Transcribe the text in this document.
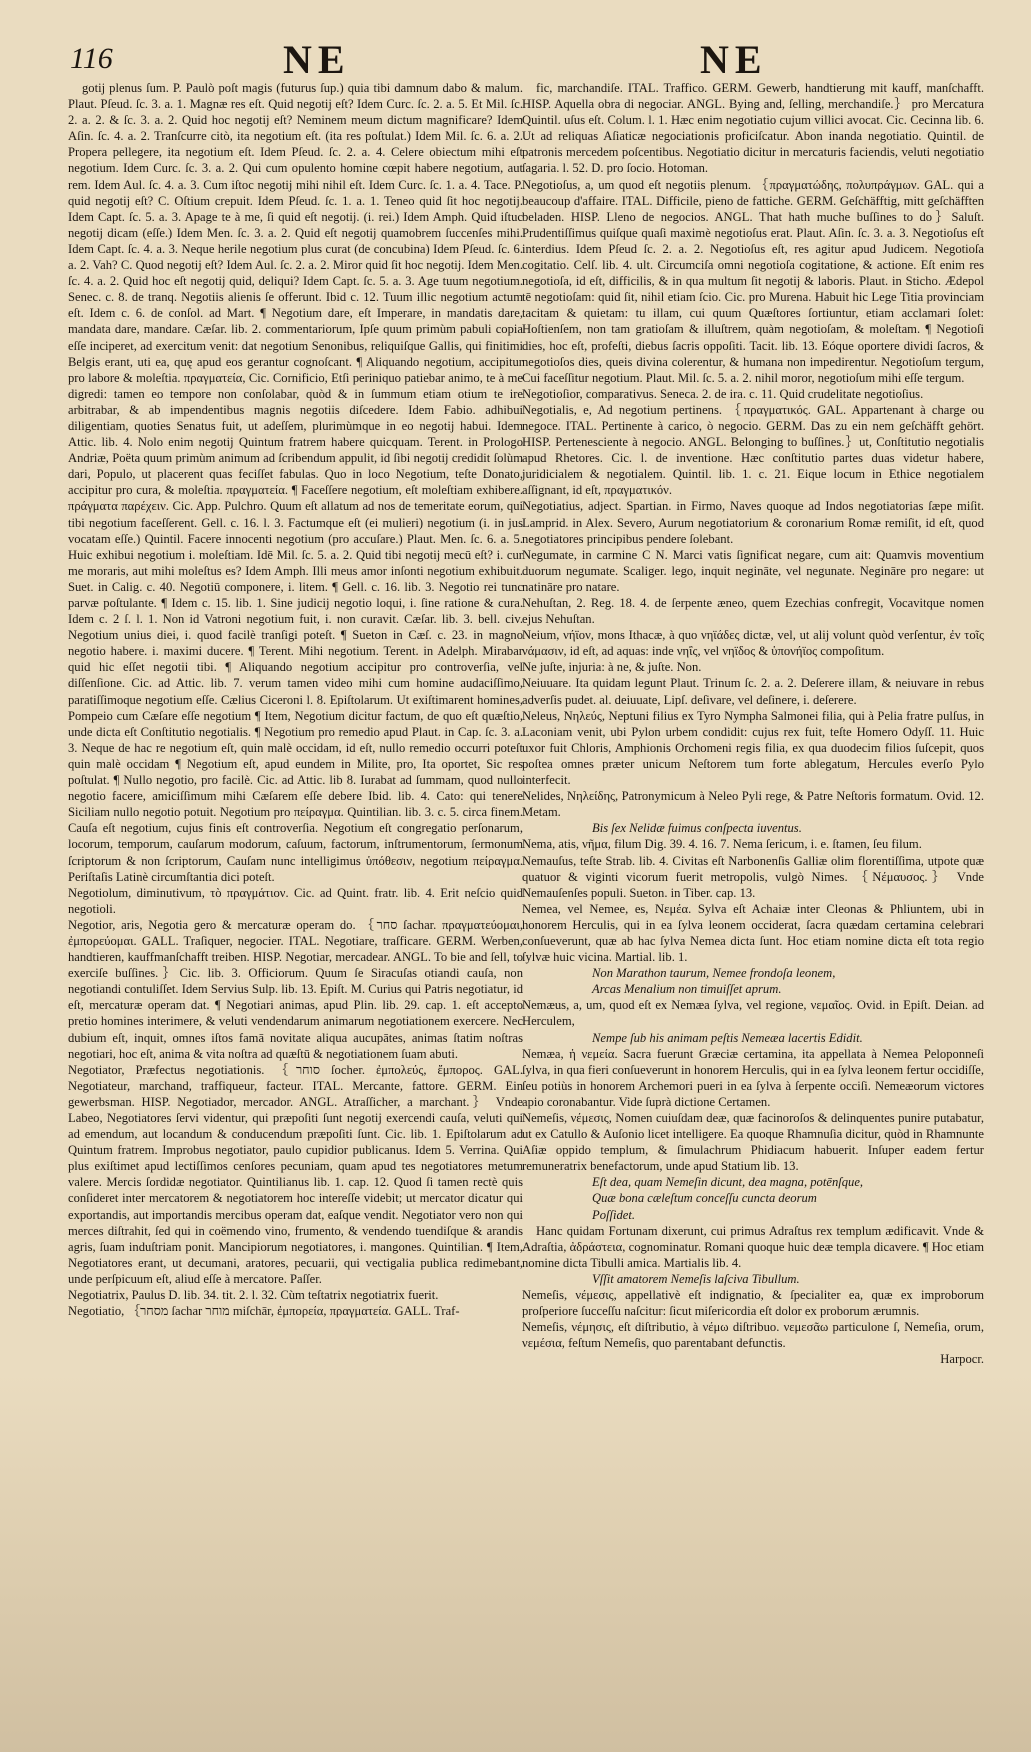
116	NE	NE

gotij plenus ſum. P. Paulò poſt magis (futurus ſup.) quia tibi damnum dabo & malum. Plaut. Pſeud. ſc. 3. a. 1. Magnæ res eſt. Quid negotij eſt? Idem Curc. ſc. 2. a. 5. Et Mil. ſc. 2. a. 2. & ſc. 3. a. 2. Quid hoc negotij eſt? Neminem meum dictum magnificare? Idem Aſin. ſc. 4. a. 2. Tranſcurre citò, ita negotium eſt. (ita res poſtulat.) Idem Mil. ſc. 6. a. 2. Propera pellegere, ita negotium eſt. Idem Pſeud. ſc. 2. a. 4. Celere obiectum mihi eſt negotium. Idem Curc. ſc. 3. a. 2. Qui cum opulento homine cœpit habere negotium, aut rem. Idem Aul. ſc. 4. a. 3. Cum iſtoc negotij mihi nihil eſt. Idem Curc. ſc. 1. a. 4. Tace. P. quid negotij eſt? C. Oſtium crepuit. Idem Pſeud. ſc. 1. a. 1. Teneo quid ſit hoc negotij. Idem Capt. ſc. 5. a. 3. Apage te à me, ſi quid eſt negotij. (i. rei.) Idem Amph. Quid iſtuc negotij dicam (eſſe.) Idem Men. ſc. 3. a. 2. Quid eſt negotij quamobrem ſuccenſes mihi. Idem Capt. ſc. 4. a. 3. Neque herile negotium plus curat (de concubina) Idem Pſeud. ſc. 6. a. 2. Vah? C. Quod negotij eſt? Idem Aul. ſc. 2. a. 2. Miror quid ſit hoc negotij. Idem Men. ſc. 4. a. 2. Quid hoc eſt negotij quid, deliqui? Idem Capt. ſc. 5. a. 3. Age tuum negotium. Senec. c. 8. de tranq. Negotiis alienis ſe offerunt. Ibid c. 12. Tuum illic negotium actum eſt. Idem c. 6. de conſol. ad Mart. ¶ Negotium dare, eſt Imperare, in mandatis dare, mandata dare, mandare. Cæſar. lib. 2. commentariorum, Ipſe quum primùm pabuli copia eſſe inciperet, ad exercitum venit: dat negotium Senonibus, reliquiſque Gallis, qui finitimi Belgis erant, uti ea, quę apud eos gerantur cognoſcant. ¶ Aliquando negotium, accipitur pro labore & moleſtia. πραγματεία, Cic. Cornificio, Etſi periniquo patiebar animo, te à me digredi: tamen eo tempore non conſolabar, quòd & in ſummum etiam otium te ire arbitrabar, & ab impendentibus magnis negotiis diſcedere. Idem Fabio. adhibui diligentiam, quoties Senatus fuit, ut adeſſem, plurimùmque in eo negotij habui. Idem Attic. lib. 4. Nolo enim negotij Quintum fratrem habere quicquam. Terent. in Prologo Andriæ, Poëta quum primùm animum ad ſcribendum appulit, id ſibi negotij credidit ſolùm dari, Populo, ut placerent quas feciſſet fabulas. Quo in loco Negotium, teſte Donato, accipitur pro cura, & moleſtia. πραγματεία. ¶ Faceſſere negotium, eſt moleſtiam exhibere. πράγματα παρέχειν. Cic. App. Pulchro. Quum eſt allatum ad nos de temeritate eorum, qui tibi negotium faceſſerent. Gell. c. 16. l. 3. Factumque eſt (ei mulieri) negotium (i. in jus vocatam eſſe.) Quintil. Facere innocenti negotium (pro accuſare.) Plaut. Men. ſc. 6. a. 5. Huic exhibui negotium i. moleſtiam. Idē Mil. ſc. 5. a. 2. Quid tibi negotij mecū eſt? i. cur me moraris, aut mihi moleſtus es? Idem Amph. Illi meus amor inſonti negotium exhibuit. Suet. in Calig. c. 40. Negotiū componere, i. litem. ¶ Gell. c. 16. lib. 3. Negotio rei tunc parvæ poſtulante. ¶ Idem c. 15. lib. 1. Sine judicij negotio loqui, i. ſine ratione & cura. Idem c. 2 ſ. l. 1. Non id Vatroni negotium fuit, i. non curavit. Cæſar. lib. 3. bell. civ. Negotium unius diei, i. quod facilè tranſigi poteſt. ¶ Sueton in Cæſ. c. 23. in magno negotio habere. i. maximi ducere. ¶ Terent. Mihi negotium. Terent. in Adelph. Mirabar quid hic eſſet negotii tibi. ¶ Aliquando negotium accipitur pro controverſia, vel diſſenſione. Cic. ad Attic. lib. 7. verum tamen video mihi cum homine audaciſſimo, paratiſſimoque negotium eſſe. Cælius Ciceroni l. 8. Epiſtolarum. Ut exiſtimarent homines, Pompeio cum Cæſare eſſe negotium ¶ Item, Negotium dicitur factum, de quo eſt quæſtio, unde dicta eſt Conſtitutio negotialis. ¶ Negotium pro remedio apud Plaut. in Cap. ſc. 3. a. 3. Neque de hac re negotium eſt, quin malè occidam, id eſt, nullo remedio occurri poteſt quin malè occidam ¶ Negotium eſt, apud eundem in Milite, pro, Ita oportet, Sic res poſtulat. ¶ Nullo negotio, pro facilè. Cic. ad Attic. lib 8. Iurabat ad ſummam, quod nullo negotio facere, amiciſſimum mihi Cæſarem eſſe debere Ibid. lib. 4. Cato: qui tenere Siciliam nullo negotio potuit. Negotium pro πείραγμα. Quintilian. lib. 3. c. 5. circa finem. Cauſa eſt negotium, cujus finis eſt controverſia. Negotium eſt congregatio perſonarum, locorum, temporum, cauſarum modorum, caſuum, factorum, inſtrumentorum, ſermonum ſcriptorum & non ſcriptorum, Cauſam nunc intelligimus ὑπόθεσιν, negotium πείραγμα. Periſtaſis Latinè circumſtantia dici poteſt.

Negotiolum, diminutivum, τὸ πραγμάτιον. Cic. ad Quint. fratr. lib. 4. Erit neſcio quid negotioli.

Negotior, aris, Negotia gero & mercaturæ operam do. ｛סחר ſachar. πραγματεύομαι, ἐμπορεύομαι. GALL. Traſiquer, negocier. ITAL. Negotiare, traſficare. GERM. Werben, handtieren, kauffmanſchafft treiben. HISP. Negotiar, mercadear. ANGL. To bie and ſell, to exerciſe buſſines.｝Cic. lib. 3. Officiorum. Quum ſe Siracuſas otiandi cauſa, non negotiandi contuliſſet. Idem Servius Sulp. lib. 13. Epiſt. M. Curius qui Patris negotiatur, id eſt, mercaturæ operam dat. ¶ Negotiari animas, apud Plin. lib. 29. cap. 1. eſt accepto pretio homines interimere, & veluti vendendarum animarum negotiationem exercere. Nec dubium eſt, inquit, omnes iſtos famā novitate aliqua aucupātes, animas ſtatim noſtras negotiari, hoc eſt, anima & vita noſtra ad quæſtū & negotiationem ſuam abuti.

Negotiator, Præfectus negotiationis. ｛סוחר ſocher. ἐμπολεύς, ἔμπορος. GAL. Negotiateur, marchand, traffiqueur, facteur. ITAL. Mercante, fattore. GERM. Ein gewerbsman. HISP. Negotiador, mercador. ANGL. Atraſſicher, a marchant.｝ Vnde Labeo, Negotiatores ſervi videntur, qui præpoſiti ſunt negotij exercendi cauſa, veluti qui ad emendum, aut locandum & conducendum præpoſiti ſunt. Cic. lib. 1. Epiſtolarum ad Quintum fratrem. Improbus negotiator, paulo cupidior publicanus. Idem 5. Verrina. Qui plus exiſtimet apud lectiſſimos cenſores pecuniam, quam apud tes negotiatores metum valere. Mercis ſordidæ negotiator. Quintilianus lib. 1. cap. 12. Quod ſi tamen rectè quis conſideret inter mercatorem & negotiatorem hoc intereſſe videbit; ut mercator dicatur qui exportandis, aut importandis mercibus operam dat, eaſque vendit. Negotiator vero non qui merces diſtrahit, ſed qui in coëmendo vino, frumento, & vendendo tuendiſque & arandis agris, ſuam induſtriam ponit. Mancipiorum negotiatores, i. mangones. Quintilian. ¶ Item, Negotiatores erant, ut decumani, aratores, pecuarii, qui vectigalia publica redimebant, unde perſpicuum eſt, aliud eſſe à mercatore. Paſſer.

Negotiatrix, Paulus D. lib. 34. tit. 2. l. 32. Cùm teſtatrix negotiatrix fuerit.

Negotiatio, ｛מסחר ſachar מוחר miſchār, ἐμπορεία, πραγματεία. GALL. Traf-

fic, marchandiſe. ITAL. Traffico. GERM. Gewerb, handtierung mit kauff, manſchafft. HISP. Aquella obra di negociar. ANGL. Bying and, ſelling, merchandiſe.｝ pro Mercatura Quintil. uſus eſt. Colum. l. 1. Hæc enim negotiatio cujum villici avocat. Cic. Cecinna lib. 6. Ut ad reliquas Aſiaticæ negociationis proficiſcatur. Abon inanda negotiatio. Quintil. de patronis mercedem poſcentibus. Negotiatio dicitur in mercaturis faciendis, veluti negotiatio ſagaria. l. 52. D. pro ſocio. Hotoman.

Negotioſus, a, um quod eſt negotiis plenum. ｛πραγματώδης, πολυπράγμων. GAL. qui a beaucoup d'affaire. ITAL. Difficile, pieno de fattiche. GERM. Geſchäfftig, mitt geſchäfften beladen. HISP. Lleno de negocios. ANGL. That hath muche buſſines to do｝Saluſt. Prudentiſſimus quiſque quaſi maximè negotioſus erat. Plaut. Aſin. ſc. 3. a. 3. Negotioſus eſt interdius. Idem Pſeud ſc. 2. a. 2. Negotioſus eſt, res agitur apud Judicem. Negotioſa cogitatio. Celſ. lib. 4. ult. Circumciſa omni negotioſa cogitatione, & actione. Eſt enim res negotioſa, id eſt, difficilis, & in qua multum ſit negotij & laboris. Plaut. in Sticho. Ædepol tē negotioſam: quid ſit, nihil etiam ſcio. Cic. pro Murena. Habuit hic Lege Titia provinciam tacitam & quietam: tu illam, cui quum Quæſtores ſortiuntur, etiam acclamari ſolet: Hoſtienſem, non tam gratioſam & illuſtrem, quàm negotioſam, & moleſtam. ¶ Negotioſi dies, hoc eſt, profeſti, diebus ſacris oppoſiti. Tacit. lib. 13. Eóque oportere dividi ſacros, & negotioſos dies, queis divina colerentur, & humana non impedirentur. Negotioſum tergum, Cui faceſſitur negotium. Plaut. Mil. ſc. 5. a. 2. nihil moror, negotioſum mihi eſſe tergum.

Negotioſior, comparativus. Seneca. 2. de ira. c. 11. Quid crudelitate negotioſius.

Negotialis, e, Ad negotium pertinens. ｛πραγματικός. GAL. Appartenant à charge ou negoce. ITAL. Pertinente à carico, ò negocio. GERM. Das zu ein nem geſchäfft gehört. HISP. Pertenesciente à negocio. ANGL. Belonging to buſſines.｝ut, Conſtitutio negotialis apud Rhetores. Cic. l. de inventione. Hæc conſtitutio partes duas videtur habere, juridicialem & negotialem. Quintil. lib. 1. c. 21. Eique locum in Ethice negotialem aſſignant, id eſt, πραγματικόν.

Negotiatius, adject. Spartian. in Firmo, Naves quoque ad Indos negotiatorias ſæpe miſit. Lamprid. in Alex. Severo, Aurum negotiatorium & coronarium Romæ remiſit, id eſt, quod negotiatores principibus pendere ſolebant.

Negumate, in carmine C N. Marci vatis ſignificat negare, cum ait: Quamvis moventium duorum negumate. Scaliger. lego, inquit negināte, vel negunate. Negināre pro negare: ut natināre pro natare.

Nehuſtan, 2. Reg. 18. 4. de ſerpente æneo, quem Ezechias confregit, Vocavitque nomen ejus Nehuſtan.

Neium, νήϊον, mons Ithacæ, à quo νηϊάδες dictæ, vel, ut alij volunt quòd verſentur, ἐν τοῖς νάμασιν, id eſt, ad aquas: inde νηΐς, vel νηϊδος & ὑπονήϊος compoſitum.

Ne juſte, injuria: à ne, & juſte. Non.

Neiuuare. Ita quidam legunt Plaut. Trinum ſc. 2. a. 2. Deſerere illam, & neiuvare in rebus adverſis pudet. al. deiuuate, Lipſ. deſivare, vel deſinere, i. deſerere.

Neleus, Νηλεύς, Neptuni filius ex Tyro Nympha Salmonei filia, qui à Pelia fratre pulſus, in Laconiam venit, ubi Pylon urbem condidit: cujus rex fuit, teſte Homero Odyſſ. 11. Huic uxor fuit Chloris, Amphionis Orchomeni regis filia, ex qua duodecim filios ſuſcepit, quos poſtea omnes præter unicum Neſtorem tum forte ablegatum, Hercules everſo Pylo interfecit.

Nelides, Νηλείδης, Patronymicum à Neleo Pyli rege, & Patre Neſtoris formatum. Ovid. 12. Metam.

Bis ſex Nelidæ fuimus conſpecta iuventus.

Nema, atis, νῆμα, filum Dig. 39. 4. 16. 7. Nema ſericum, i. e. ſtamen, ſeu filum.

Nemauſus, teſte Strab. lib. 4. Civitas eſt Narbonenſis Galliæ olim florentiſſima, utpote quæ quatuor & viginti vicorum fuerit metropolis, vulgò Nimes. ｛Νέμαυσος.｝ Vnde Nemauſenſes populi. Sueton. in Tiber. cap. 13.

Nemea, vel Nemee, es, Νεμέα. Sylva eſt Achaiæ inter Cleonas & Phliuntem, ubi in honorem Herculis, qui in ea ſylva leonem occiderat, ſacra quædam certamina celebrari conſueverunt, quæ ab hac ſylva Nemea dicta ſunt. Hoc etiam nomine dicta eſt tota regio ſylvæ huic vicina. Martial. lib. 1.

Non Marathon taurum, Nemee frondoſa leonem,

Arcas Menalium non timuiſſet aprum.

Nemæus, a, um, quod eſt ex Nemæa ſylva, vel regione, νεμαῖος. Ovid. in Epiſt. Deian. ad Herculem,

Nempe ſub his animam peſtis Nemeæa lacertis Edidit.

Nemæa, ἡ νεμεία. Sacra fuerunt Græciæ certamina, ita appellata à Nemea Peloponneſi ſylva, in qua fieri conſueverunt in honorem Herculis, qui in ea ſylva leonem fertur occidiſſe, ſeu potiùs in honorem Archemori pueri in ea ſylva à ſerpente occiſi. Nemeæorum victores apio coronabantur. Vide ſuprà dictione Certamen.

Nemeſis, νέμεσις, Nomen cuiuſdam deæ, quæ facinoroſos & delinquentes punire putabatur, ut ex Catullo & Auſonio licet intelligere. Ea quoque Rhamnuſia dicitur, quòd in Rhamnunte Aſiæ oppido templum, & ſimulachrum Phidiacum habuerit. Inſuper eadem fertur remuneratrix benefactorum, unde apud Statium lib. 13.

Eſt dea, quam Nemeſin dicunt, dea magna, potēnſque,

Quæ bona cæleſtum conceſſu cuncta deorum

Poſſidet.

Hanc quidam Fortunam dixerunt, cui primus Adraſtus rex templum ædificavit. Vnde & Adraſtia, ἀδράστεια, cognominatur. Romani quoque huic deæ templa dicavere. ¶ Hoc etiam nomine dicta Tibulli amica. Martialis lib. 4.

Vſſit amatorem Nemeſis laſciva Tibullum.

Nemeſis, νέμεσις, appellativè eſt indignatio, & ſpecialiter ea, quæ ex improborum proſperiore ſucceſſu naſcitur: ſicut miſericordia eſt dolor ex proborum ærumnis.

Nemeſis, νέμησις, eſt diſtributio, à νέμω diſtribuo. νεμεσᾶω particulone ſ, Nemeſia, orum, νεμέσια, feſtum Nemeſis, quo parentabant defunctis.

Harpocr.
